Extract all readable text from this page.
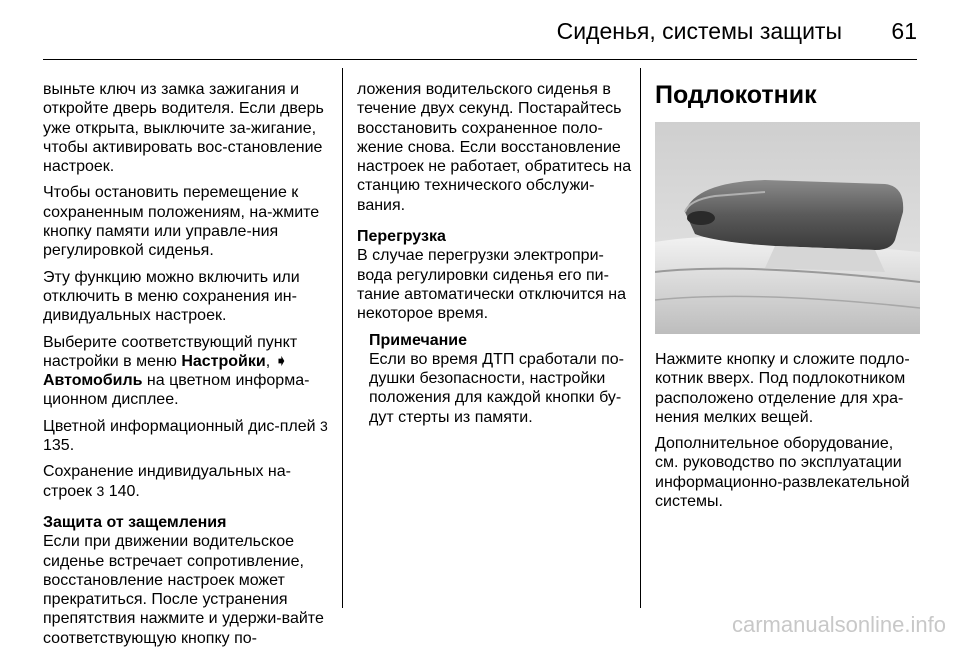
Сиденья, системы защиты 61

выньте ключ из замка зажигания и откройте дверь водителя. Если дверь уже открыта, выключите за-жигание, чтобы активировать вос-становление настроек.

Чтобы остановить перемещение к сохраненным положениям, на-жмите кнопку памяти или управле-ния регулировкой сиденья.

Эту функцию можно включить или отключить в меню сохранения ин-дивидуальных настроек.

Выберите соответствующий пункт настройки в меню Настройки, ➧
Автомобиль на цветном информа-ционном дисплее.

Цветной информационный дис-плей 3 135.

Сохранение индивидуальных на-строек 3 140.

Защита от защемления

Если при движении водительское сиденье встречает сопротивление, восстановление настроек может прекратиться. После устранения препятствия нажмите и удержи-вайте соответствующую кнопку по-

ложения водительского сиденья в течение двух секунд. Постарайтесь восстановить сохраненное поло-жение снова. Если восстановление настроек не работает, обратитесь на станцию технического обслужи-вания.

Перегрузка

В случае перегрузки электропри-вода регулировки сиденья его пи-тание автоматически отключится на некоторое время.

Примечание

Если во время ДТП сработали по-душки безопасности, настройки положения для каждой кнопки бу-дут стерты из памяти.

Подлокотник

Нажмите кнопку и сложите подло-котник вверх. Под подлокотником расположено отделение для хра-нения мелких вещей.

Дополнительное оборудование, см. руководство по эксплуатации информационно-развлекательной системы.

carmanualsonline.info
